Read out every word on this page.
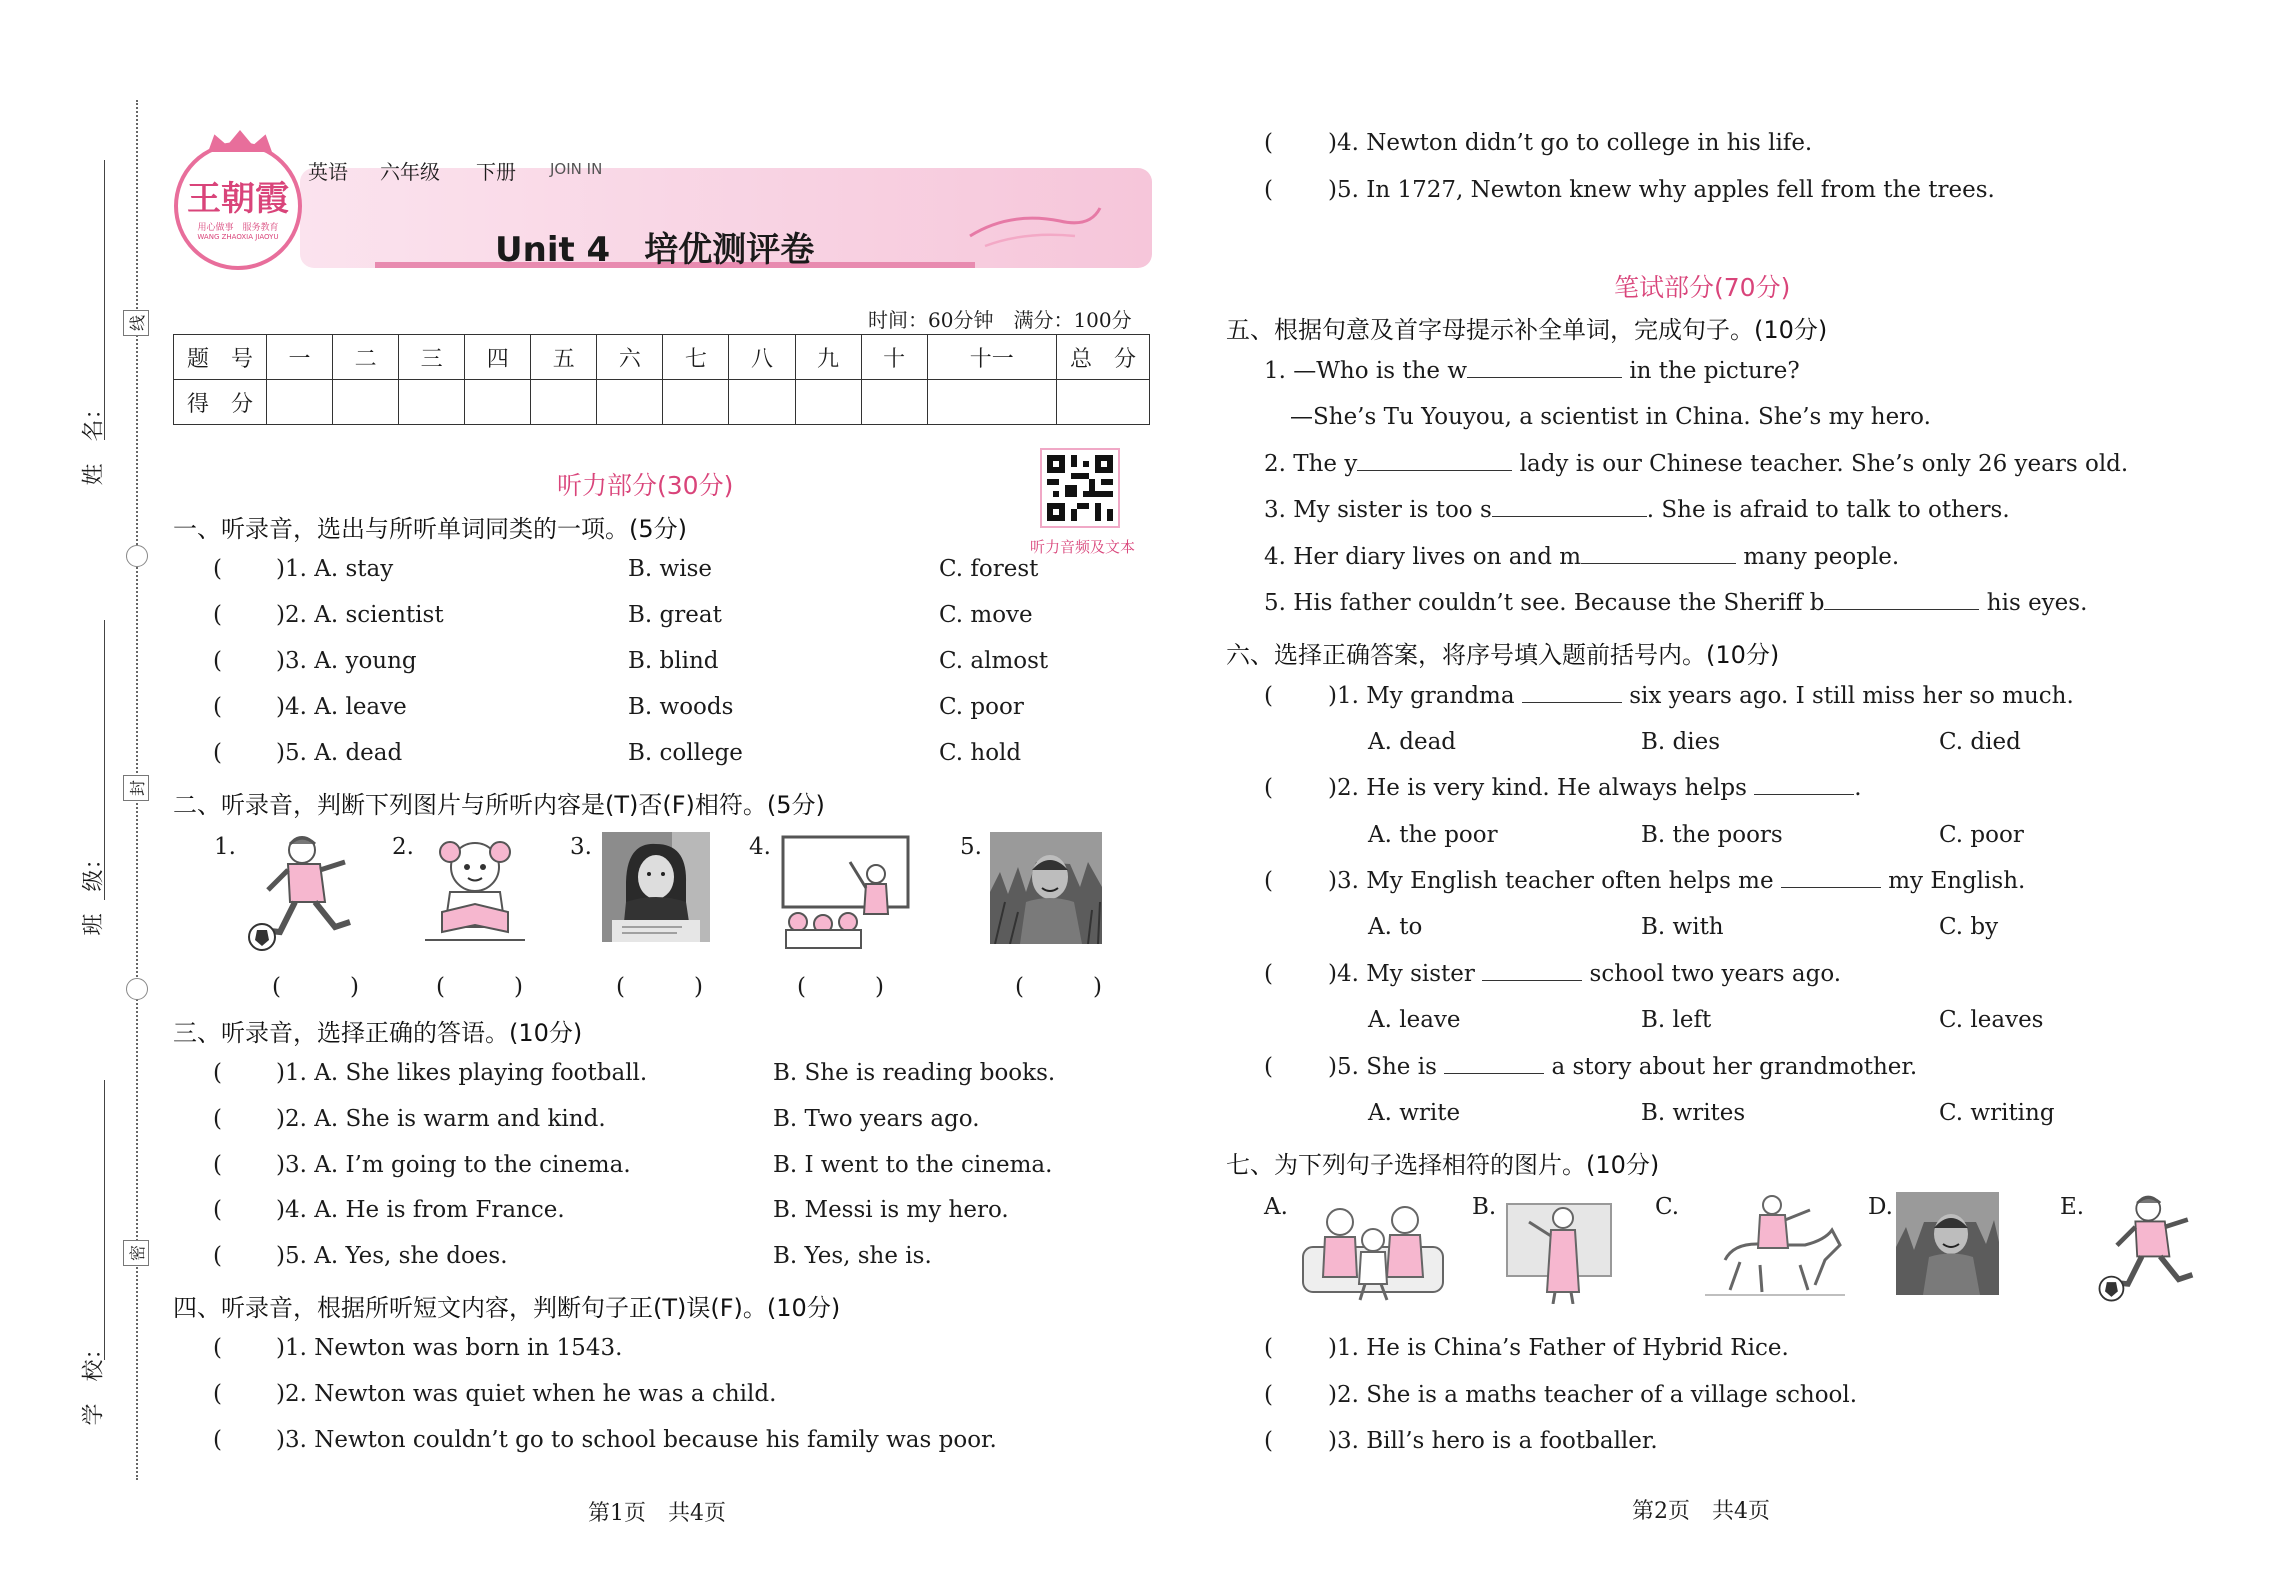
姓　名：
班　级：
学　校：
线
封
密
王朝霞
用心做事　服务教育
WANG ZHAOXIA JIAOYU
英语 六年级 下册 JOIN IN
Unit 4　培优测评卷
时间：60分钟　满分：100分
题　号	一	二	三	四	五	六	七	八	九	十	十一	总　分
得　分												
听力部分(30分)
听力音频及文本
一、听录音，选出与所听单词同类的一项。(5分)
( )1. A. stay	B. wise	C. forest
( )2. A. scientist	B. great	C. move
( )3. A. young	B. blind	C. almost
( )4. A. leave	B. woods	C. poor
( )5. A. dead	B. college	C. hold
二、听录音，判断下列图片与所听内容是(T)否(F)相符。(5分)
1.	2.	3.	4.	5.
(　　　)	(　　　)	(　　　)	(　　　)	(　　　)
三、听录音，选择正确的答语。(10分)
( )1. A. She likes playing football.	B. She is reading books.
( )2. A. She is warm and kind.	B. Two years ago.
( )3. A. I’m going to the cinema.	B. I went to the cinema.
( )4. A. He is from France.	B. Messi is my hero.
( )5. A. Yes, she does.	B. Yes, she is.
四、听录音，根据所听短文内容，判断句子正(T)误(F)。(10分)
( )1. Newton was born in 1543.
( )2. Newton was quiet when he was a child.
( )3. Newton couldn’t go to school because his family was poor.
( )4. Newton didn’t go to college in his life.
( )5. In 1727, Newton knew why apples fell from the trees.
笔试部分(70分)
五、根据句意及首字母提示补全单词，完成句子。(10分)
1. —Who is the w	in the picture?
—She’s Tu Youyou, a scientist in China. She’s my hero.
2. The y	lady is our Chinese teacher. She’s only 26 years old.
3. My sister is too s	. She is afraid to talk to others.
4. Her diary lives on and m	many people.
5. His father couldn’t see. Because the Sheriff b	his eyes.
六、选择正确答案，将序号填入题前括号内。(10分)
( )1. My grandma	six years ago. I still miss her so much.
A. dead	B. dies	C. died
( )2. He is very kind. He always helps	.
A. the poor	B. the poors	C. poor
( )3. My English teacher often helps me	my English.
A. to	B. with	C. by
( )4. My sister	school two years ago.
A. leave	B. left	C. leaves
( )5. She is	a story about her grandmother.
A. write	B. writes	C. writing
七、为下列句子选择相符的图片。(10分)
A.	B.	C.	D.	E.
( )1. He is China’s Father of Hybrid Rice.
( )2. She is a maths teacher of a village school.
( )3. Bill’s hero is a footballer.
第1页　共4页	第2页　共4页
